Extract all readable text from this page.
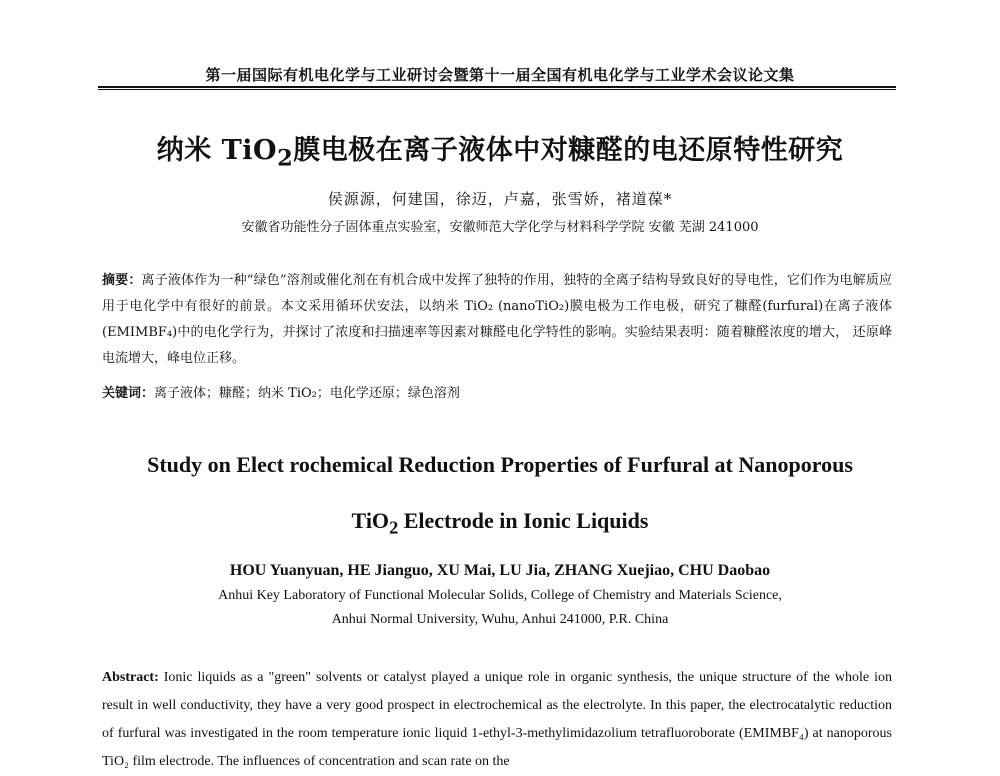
第一届国际有机电化学与工业研讨会暨第十一届全国有机电化学与工业学术会议论文集
纳米 TiO$_2$膜电极在离子液体中对糠醛的电还原特性研究
侯源源，何建国，徐迈，卢嘉，张雪娇，褚道葆*
安徽省功能性分子固体重点实验室，安徽师范大学化学与材料科学学院 安徽 芜湖 241000
摘要：离子液体作为一种“绿色”溶剂或催化剂在有机合成中发挥了独特的作用，独特的全离子结构导致良好的导电性，它们作为电解质应用于电化学中有很好的前景。本文采用循环伏安法，以纳米 TiO₂ (nanoTiO₂)膜电极为工作电极，研究了糠醛(furfural)在离子液体(EMIMBF₄)中的电化学行为，并探讨了浓度和扫描速率等因素对糠醛电化学特性的影响。实验结果表明：随着糠醛浓度的增大， 还原峰电流增大，峰电位正移。
关键词：离子液体；糠醛；纳米 TiO₂；电化学还原；绿色溶剂
Study on Elect rochemical Reduction Properties of Furfural at Nanoporous
TiO$_2$ Electrode in Ionic Liquids
HOU Yuanyuan, HE Jianguo, XU Mai, LU Jia, ZHANG Xuejiao, CHU Daobao
Anhui Key Laboratory of Functional Molecular Solids, College of Chemistry and Materials Science,
Anhui Normal University, Wuhu, Anhui 241000, P.R. China
Abstract: Ionic liquids as a "green" solvents or catalyst played a unique role in organic synthesis, the unique structure of the whole ion result in well conductivity, they have a very good prospect in electrochemical as the electrolyte. In this paper, the electrocatalytic reduction of furfural was investigated in the room temperature ionic liquid 1-ethyl-3-methylimidazolium tetrafluoroborate (EMIMBF₄) at nanoporous TiO₂ film electrode. The influences of concentration and scan rate on the
